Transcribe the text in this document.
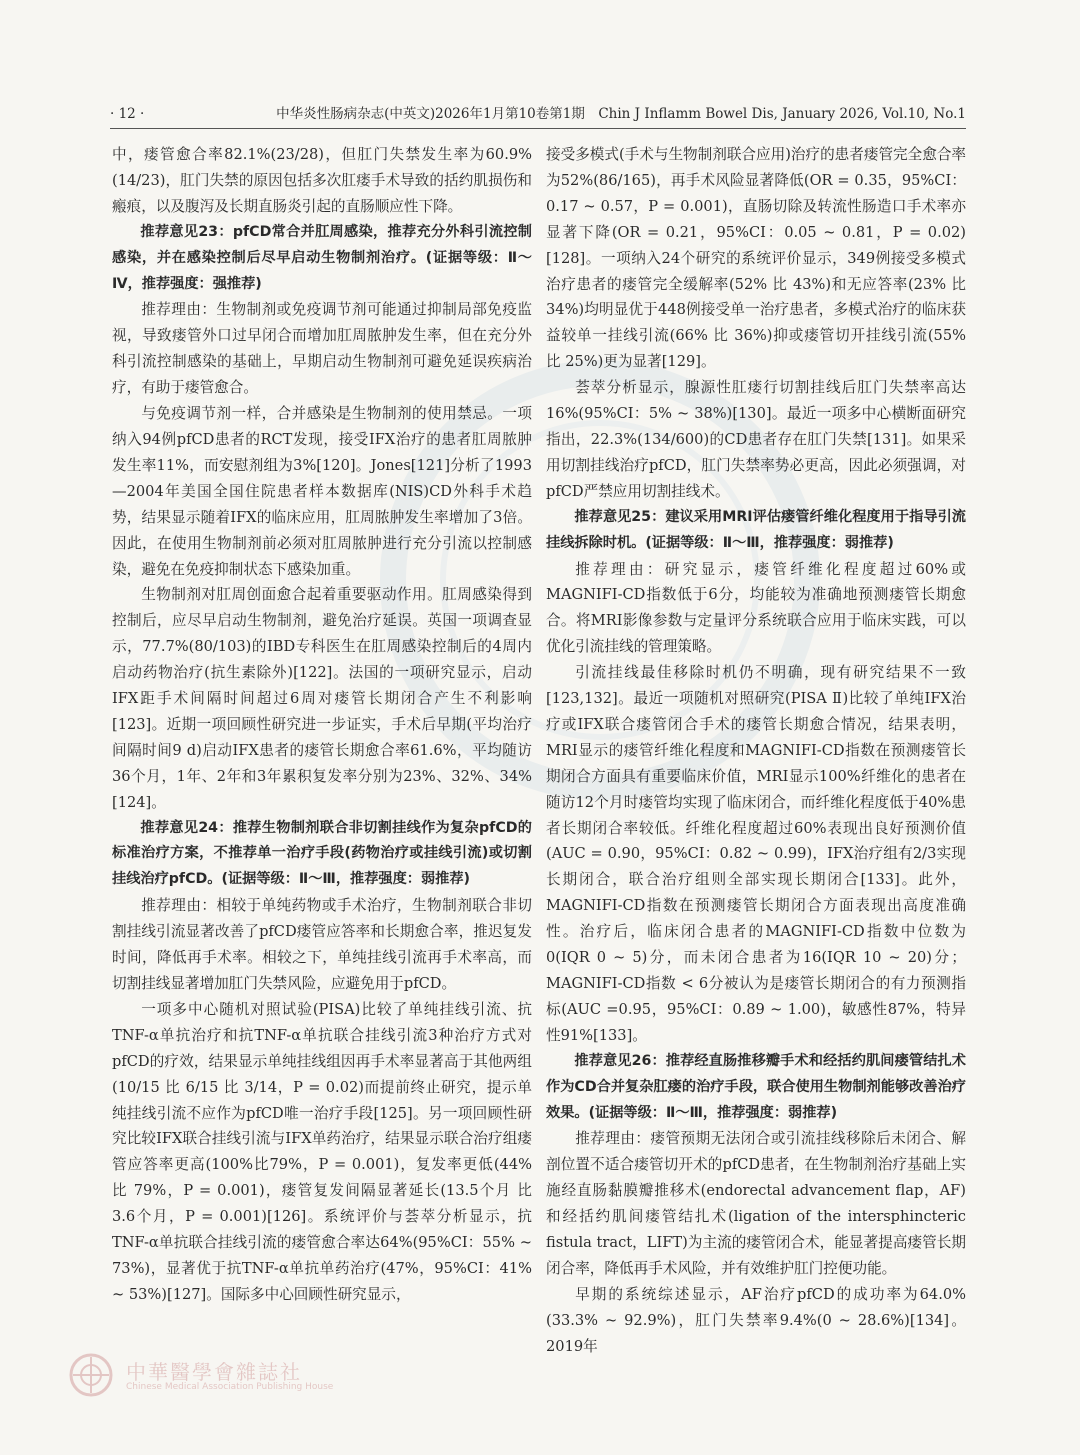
· 12 ·	中华炎性肠病杂志(中英文)2026年1月第10卷第1期　Chin J Inflamm Bowel Dis, January 2026, Vol.10, No.1

中，瘘管愈合率82.1%(23/28)，但肛门失禁发生率为60.9%(14/23)，肛门失禁的原因包括多次肛瘘手术导致的括约肌损伤和瘢痕，以及腹泻及长期直肠炎引起的直肠顺应性下降。

推荐意见23：pfCD常合并肛周感染，推荐充分外科引流控制感染，并在感染控制后尽早启动生物制剂治疗。(证据等级：Ⅱ～Ⅳ，推荐强度：强推荐)

推荐理由：生物制剂或免疫调节剂可能通过抑制局部免疫监视，导致瘘管外口过早闭合而增加肛周脓肿发生率，但在充分外科引流控制感染的基础上，早期启动生物制剂可避免延误疾病治疗，有助于瘘管愈合。

与免疫调节剂一样，合并感染是生物制剂的使用禁忌。一项纳入94例pfCD患者的RCT发现，接受IFX治疗的患者肛周脓肿发生率11%，而安慰剂组为3%[120]。Jones[121]分析了1993—2004年美国全国住院患者样本数据库(NIS)CD外科手术趋势，结果显示随着IFX的临床应用，肛周脓肿发生率增加了3倍。因此，在使用生物制剂前必须对肛周脓肿进行充分引流以控制感染，避免在免疫抑制状态下感染加重。

生物制剂对肛周创面愈合起着重要驱动作用。肛周感染得到控制后，应尽早启动生物制剂，避免治疗延误。英国一项调查显示，77.7%(80/103)的IBD专科医生在肛周感染控制后的4周内启动药物治疗(抗生素除外)[122]。法国的一项研究显示，启动IFX距手术间隔时间超过6周对瘘管长期闭合产生不利影响[123]。近期一项回顾性研究进一步证实，手术后早期(平均治疗间隔时间9 d)启动IFX患者的瘘管长期愈合率61.6%，平均随访36个月，1年、2年和3年累积复发率分别为23%、32%、34%[124]。

推荐意见24：推荐生物制剂联合非切割挂线作为复杂pfCD的标准治疗方案，不推荐单一治疗手段(药物治疗或挂线引流)或切割挂线治疗pfCD。(证据等级：Ⅱ～Ⅲ，推荐强度：弱推荐)

推荐理由：相较于单纯药物或手术治疗，生物制剂联合非切割挂线引流显著改善了pfCD瘘管应答率和长期愈合率，推迟复发时间，降低再手术率。相较之下，单纯挂线引流再手术率高，而切割挂线显著增加肛门失禁风险，应避免用于pfCD。

一项多中心随机对照试验(PISA)比较了单纯挂线引流、抗TNF-α单抗治疗和抗TNF-α单抗联合挂线引流3种治疗方式对pfCD的疗效，结果显示单纯挂线组因再手术率显著高于其他两组(10/15 比 6/15 比 3/14，P = 0.02)而提前终止研究，提示单纯挂线引流不应作为pfCD唯一治疗手段[125]。另一项回顾性研究比较IFX联合挂线引流与IFX单药治疗，结果显示联合治疗组瘘管应答率更高(100%比79%，P = 0.001)，复发率更低(44% 比 79%，P = 0.001)，瘘管复发间隔显著延长(13.5个月 比 3.6个月，P = 0.001)[126]。系统评价与荟萃分析显示，抗TNF-α单抗联合挂线引流的瘘管愈合率达64%(95%CI：55% ~ 73%)，显著优于抗TNF-α单抗单药治疗(47%，95%CI：41% ~ 53%)[127]。国际多中心回顾性研究显示，

接受多模式(手术与生物制剂联合应用)治疗的患者瘘管完全愈合率为52%(86/165)，再手术风险显著降低(OR = 0.35，95%CI：0.17 ~ 0.57，P = 0.001)，直肠切除及转流性肠造口手术率亦显著下降(OR = 0.21，95%CI：0.05 ~ 0.81，P = 0.02)[128]。一项纳入24个研究的系统评价显示，349例接受多模式治疗患者的瘘管完全缓解率(52% 比 43%)和无应答率(23% 比 34%)均明显优于448例接受单一治疗患者，多模式治疗的临床获益较单一挂线引流(66% 比 36%)抑或瘘管切开挂线引流(55% 比 25%)更为显著[129]。

荟萃分析显示，腺源性肛瘘行切割挂线后肛门失禁率高达16%(95%CI：5% ~ 38%)[130]。最近一项多中心横断面研究指出，22.3%(134/600)的CD患者存在肛门失禁[131]。如果采用切割挂线治疗pfCD，肛门失禁率势必更高，因此必须强调，对pfCD严禁应用切割挂线术。

推荐意见25：建议采用MRI评估瘘管纤维化程度用于指导引流挂线拆除时机。(证据等级：Ⅱ～Ⅲ，推荐强度：弱推荐)

推荐理由：研究显示，瘘管纤维化程度超过60%或MAGNIFI-CD指数低于6分，均能较为准确地预测瘘管长期愈合。将MRI影像参数与定量评分系统联合应用于临床实践，可以优化引流挂线的管理策略。

引流挂线最佳移除时机仍不明确，现有研究结果不一致[123,132]。最近一项随机对照研究(PISA Ⅱ)比较了单纯IFX治疗或IFX联合瘘管闭合手术的瘘管长期愈合情况，结果表明，MRI显示的瘘管纤维化程度和MAGNIFI-CD指数在预测瘘管长期闭合方面具有重要临床价值，MRI显示100%纤维化的患者在随访12个月时瘘管均实现了临床闭合，而纤维化程度低于40%患者长期闭合率较低。纤维化程度超过60%表现出良好预测价值(AUC = 0.90，95%CI：0.82 ~ 0.99)，IFX治疗组有2/3实现长期闭合，联合治疗组则全部实现长期闭合[133]。此外，MAGNIFI-CD指数在预测瘘管长期闭合方面表现出高度准确性。治疗后，临床闭合患者的MAGNIFI-CD指数中位数为0(IQR 0 ~ 5)分，而未闭合患者为16(IQR 10 ~ 20)分；MAGNIFI-CD指数 < 6分被认为是瘘管长期闭合的有力预测指标(AUC =0.95，95%CI：0.89 ~ 1.00)，敏感性87%，特异性91%[133]。

推荐意见26：推荐经直肠推移瓣手术和经括约肌间瘘管结扎术作为CD合并复杂肛瘘的治疗手段，联合使用生物制剂能够改善治疗效果。(证据等级：Ⅱ～Ⅲ，推荐强度：弱推荐)

推荐理由：瘘管预期无法闭合或引流挂线移除后未闭合、解剖位置不适合瘘管切开术的pfCD患者，在生物制剂治疗基础上实施经直肠黏膜瓣推移术(endorectal advancement flap，AF)和经括约肌间瘘管结扎术(ligation of the intersphincteric fistula tract，LIFT)为主流的瘘管闭合术，能显著提高瘘管长期闭合率，降低再手术风险，并有效维护肛门控便功能。

早期的系统综述显示，AF治疗pfCD的成功率为64.0%(33.3% ~ 92.9%)，肛门失禁率9.4%(0 ~ 28.6%)[134]。2019年

中華醫學會雜誌社
Chinese Medical Association Publishing House
